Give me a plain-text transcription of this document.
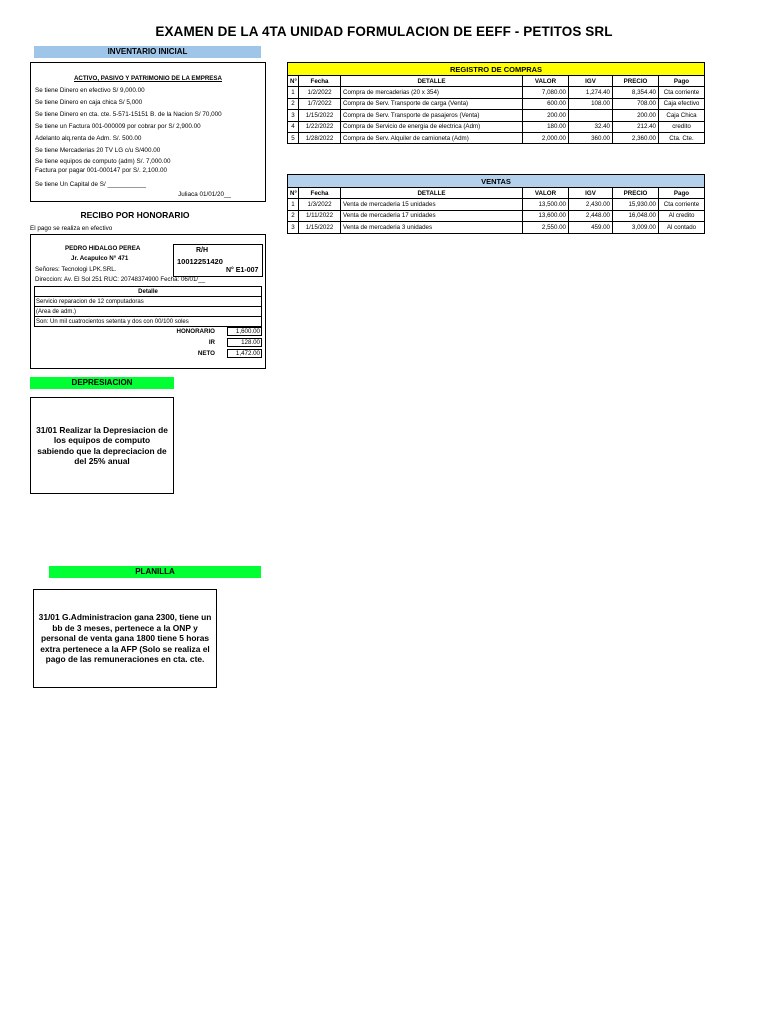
EXAMEN DE LA 4TA UNIDAD FORMULACION DE EEFF - PETITOS SRL
INVENTARIO INICIAL
ACTIVO, PASIVO Y PATRIMONIO DE LA EMPRESA
Se tiene Dinero en efectivo S/ 9,000.00
Se tiene Dinero en caja chica S/ 5,000
Se tiene Dinero en cta. cte. 5-571-15151 B. de la Nacion S/ 70,000
Se tiene un Factura 001-000009 por cobrar por S/ 2,900.00
Adelanto alq.renta de Adm. S/. 500.00
Se tiene Mercaderias 20 TV LG c/u S/400.00
Se tiene equipos de computo (adm) S/. 7,000.00
Factura por pagar 001-000147 por S/. 2,100.00
Se tiene Un Capital de S/ ___________
Juliaca 01/01/20__
REGISTRO DE COMPRAS
N°	Fecha	DETALLE	VALOR	IGV	PRECIO	Pago
1	1/2/2022	Compra de mercaderias (20 x 354)	7,080.00	1,274.40	8,354.40	Cta corriente
2	1/7/2022	Compra de Serv. Transporte de carga (Venta)	600.00	108.00	708.00	Caja efectivo
3	1/15/2022	Compra de Serv. Transporte de pasajeros (Venta)	200.00		200.00	Caja Chica
4	1/22/2022	Compra de Servicio de energia de electrica (Adm)	180.00	32.40	212.40	credito
5	1/28/2022	Compra de Serv. Alquiler de camioneta (Adm)	2,000.00	360.00	2,360.00	Cta. Cte.
VENTAS
N°	Fecha	DETALLE	VALOR	IGV	PRECIO	Pago
1	1/3/2022	Venta de mercaderia 15 unidades	13,500.00	2,430.00	15,930.00	Cta corriente
2	1/11/2022	Venta de mercaderia 17 unidades	13,600.00	2,448.00	16,048.00	Al credito
3	1/15/2022	Venta de mercaderia 3 unidades	2,550.00	459.00	3,009.00	Al contado
RECIBO POR HONORARIO
El pago se realiza en efectivo
PEDRO HIDALGO PEREA
Jr. Acapulco N° 471
Señores: Tecnologi LPK.SRL.
Direccion: Av. El Sol 251 RUC: 20748374900 Fecha: 06/01/__
R/H
10012251420
N° E1-007
Detalle
Servicio reparacion de 12 computadoras
(Area de adm.)
Son: Un mil cuatrocientos setenta y dos con 00/100 soles
HONORARIO	1,600.00
IR	128.00
NETO	1,472.00
DEPRESIACION
31/01 Realizar la Depresiacion de los equipos de computo sabiendo que la depreciacion de del 25% anual
PLANILLA
31/01 G.Administracion gana 2300, tiene un bb de 3 meses, pertenece a la ONP y personal de venta gana 1800 tiene 5 horas extra pertenece a la AFP (Solo se realiza el pago de las remuneraciones en cta. cte.
